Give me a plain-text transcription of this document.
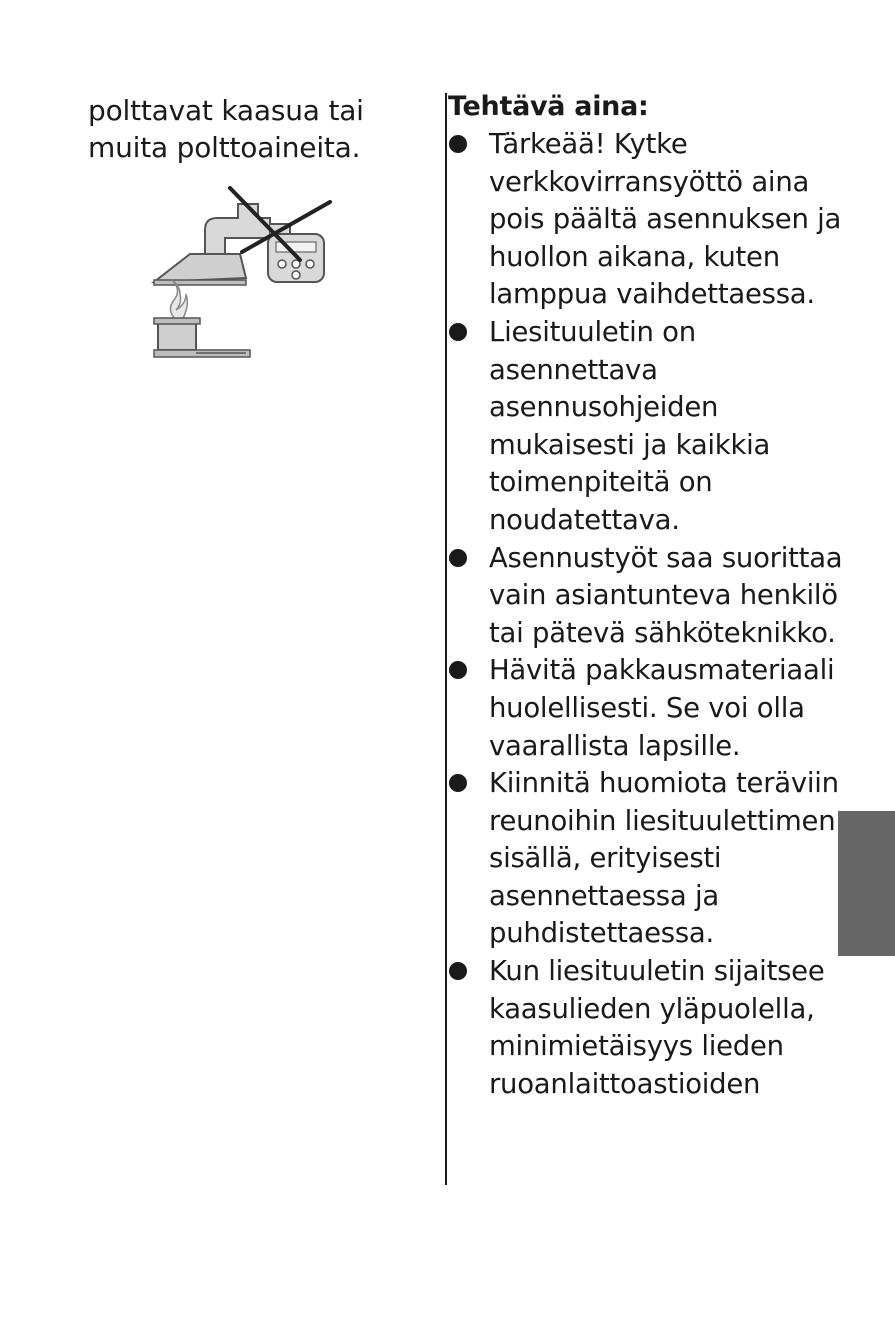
polttavat kaasua tai

muita polttoaineita.

Tehtävä aina:
Tärkeää! Kytke verkkovirransyöttö aina pois päältä asennuksen ja huollon aikana, kuten lamppua vaihdettaessa.
Liesituuletin on asennettava asennusohjeiden mukaisesti ja kaikkia toimenpiteitä on noudatettava.
Asennustyöt saa suorittaa vain asiantunteva henkilö tai pätevä sähköteknikko.
Hävitä pakkausmateriaali huolellisesti. Se voi olla vaarallista lapsille.
Kiinnitä huomiota teräviin reunoihin liesituulettimen sisällä, erityisesti asennettaessa ja puhdistettaessa.
Kun liesituuletin sijaitsee kaasulieden yläpuolella, minimietäisyys lieden ruoanlaittoastioiden
